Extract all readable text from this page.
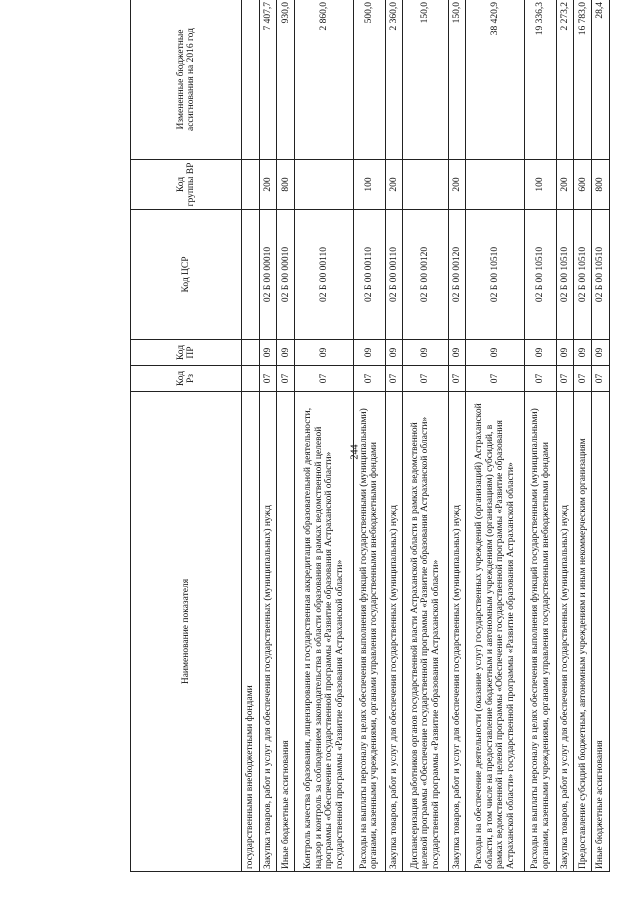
244
Наименование показателя	Код Рз	Код ПР	Код ЦСР	Код группы ВР	Измененные бюджетные ассигнования на 2016 год
государственными внебюджетными фондами					
Закупка товаров, работ и услуг для обеспечения государственных (муниципальных) нужд	07	09	02 Б 00 00010	200	7 407,7
Иные бюджетные ассигнования	07	09	02 Б 00 00010	800	930,0
Контроль качества образования, лицензирование и государственная аккредитация образовательной деятельности, надзор и контроль за соблюдением законодательства в области образования в рамках ведомственной целевой программы «Обеспечение государственной программы «Развитие образования Астраханской области» государственной программы «Развитие образования Астраханской области»	07	09	02 Б 00 00110		2 860,0
Расходы на выплаты персоналу в целях обеспечения выполнения функций государственными (муниципальными) органами, казенными учреждениями, органами управления государственными внебюджетными фондами	07	09	02 Б 00 00110	100	500,0
Закупка товаров, работ и услуг для обеспечения государственных (муниципальных) нужд	07	09	02 Б 00 00110	200	2 360,0
Диспансеризация работников органов государственной власти Астраханской области в рамках ведомственной целевой программы «Обеспечение государственной программы «Развитие образования Астраханской области» государственной программы «Развитие образования Астраханской области»	07	09	02 Б 00 00120		150,0
Закупка товаров, работ и услуг для обеспечения государственных (муниципальных) нужд	07	09	02 Б 00 00120	200	150,0
Расходы на обеспечение деятельности (оказание услуг) государственных учреждений (организаций) Астраханской области, в том числе на предоставление бюджетным и автономным учреждениям (организациям) субсидий, в рамках ведомственной целевой программы «Обеспечение государственной программы «Развитие образования Астраханской области» государственной программы «Развитие образования Астраханской области»	07	09	02 Б 00 10510		38 420,9
Расходы на выплаты персоналу в целях обеспечения выполнения функций государственными (муниципальными) органами, казенными учреждениями, органами управления государственными внебюджетными фондами	07	09	02 Б 00 10510	100	19 336,3
Закупка товаров, работ и услуг для обеспечения государственных (муниципальных) нужд	07	09	02 Б 00 10510	200	2 273,2
Предоставление субсидий бюджетным, автономным учреждениям и иным некоммерческим организациям	07	09	02 Б 00 10510	600	16 783,0
Иные бюджетные ассигнования	07	09	02 Б 00 10510	800	28,4
